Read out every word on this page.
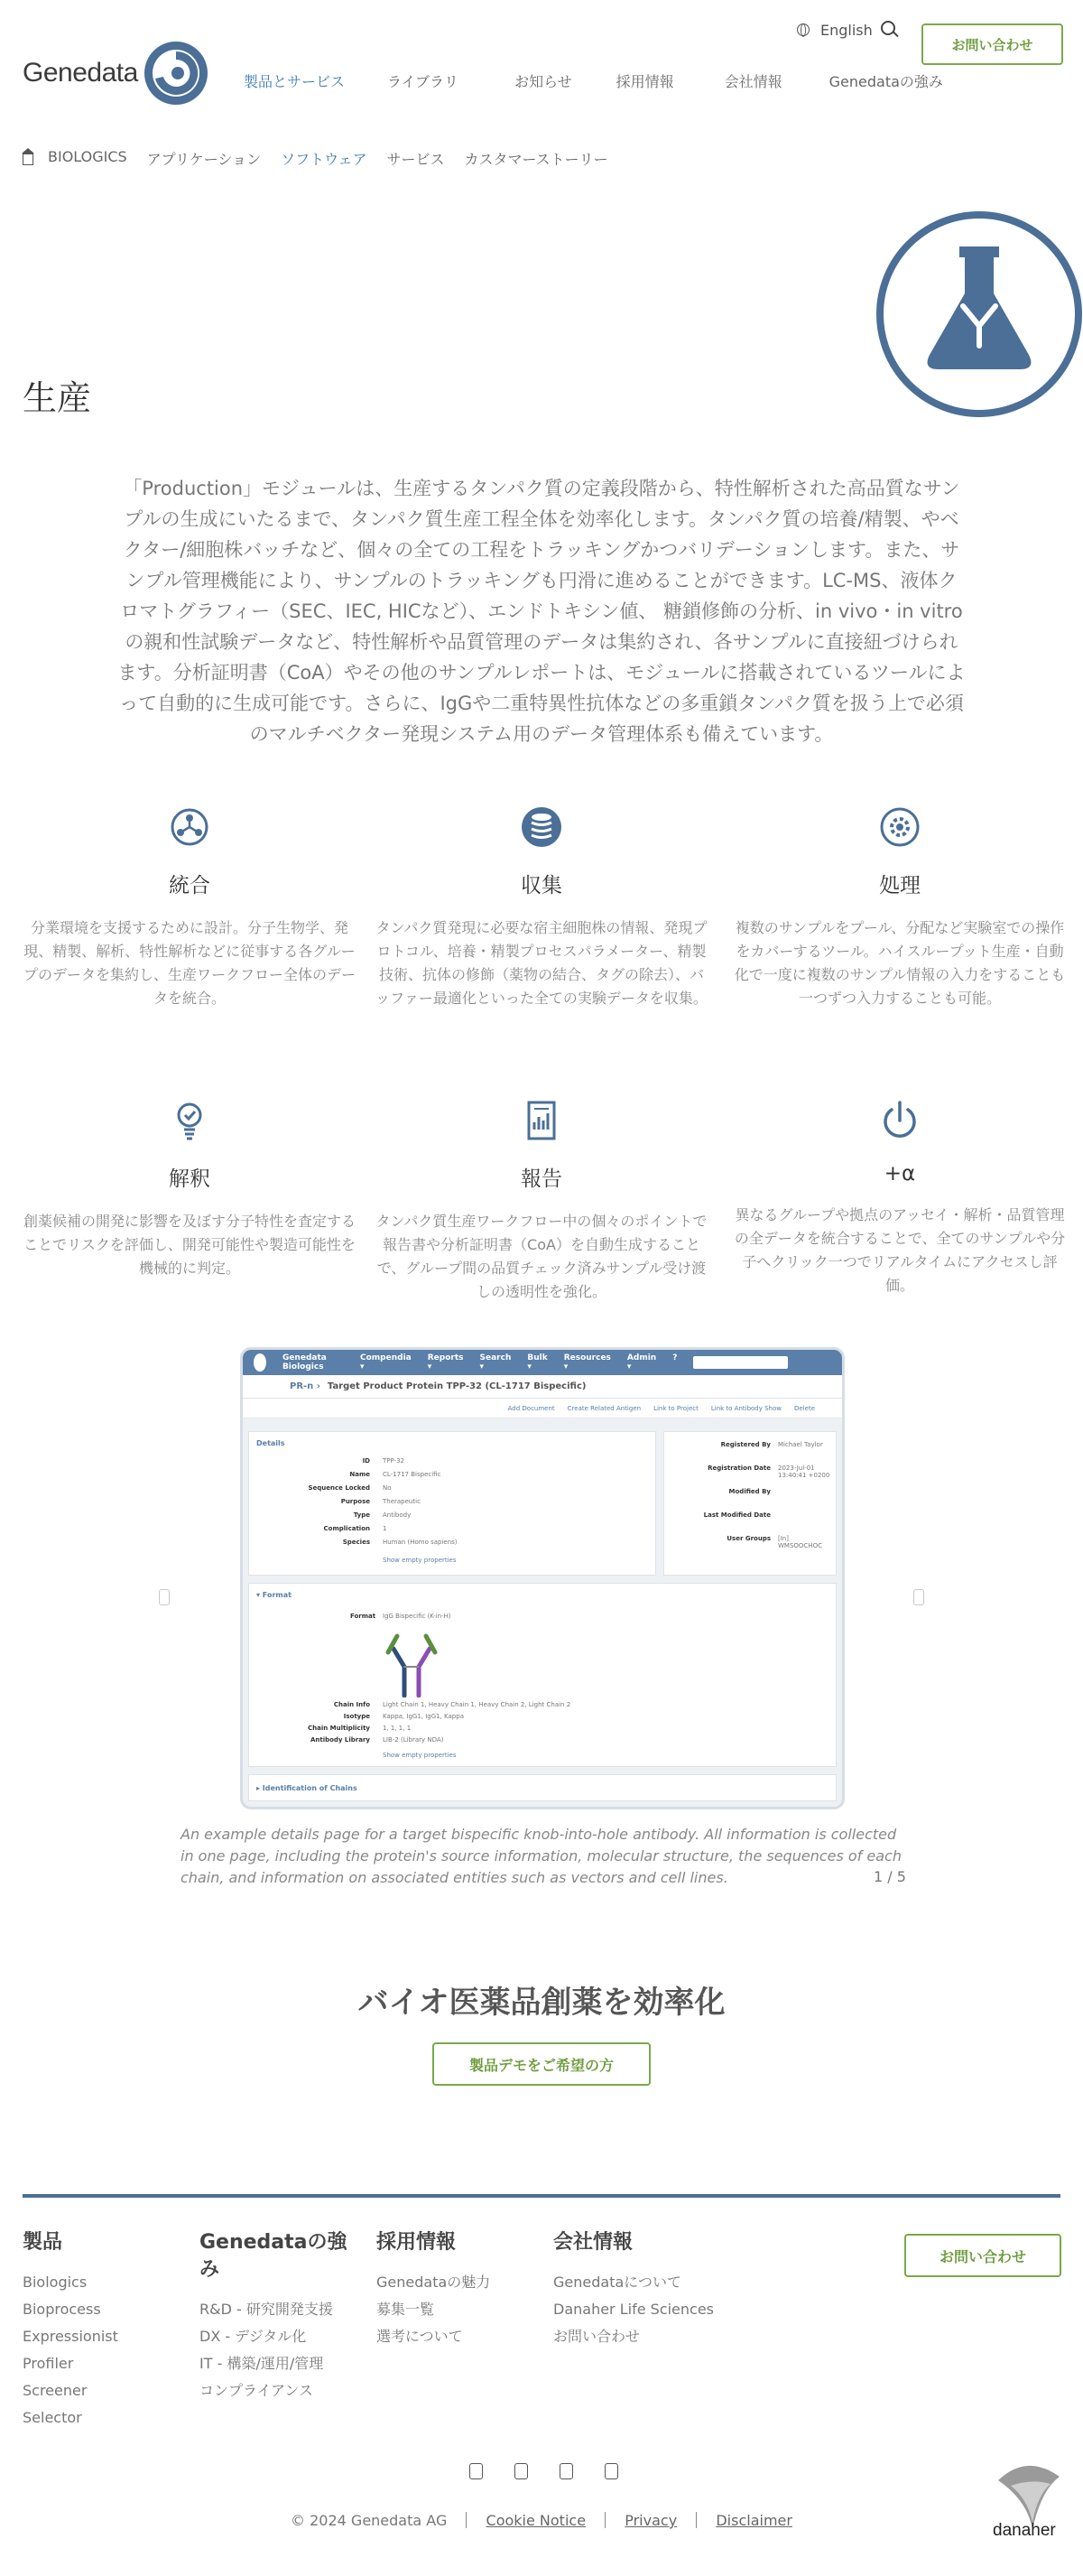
English
お問い合わせ
Genedata	製品とサービス	ライブラリ	お知らせ	採用情報	会社情報	Genedataの強み
BIOLOGICS アプリケーション ソフトウェア サービス カスタマーストーリー
生産

「Production」モジュールは、生産するタンパク質の定義段階から、特性解析された高品質なサンプルの生成にいたるまで、タンパク質生産工程全体を効率化します。タンパク質の培養/精製、やベクター/細胞株バッチなど、個々の全ての工程をトラッキングかつバリデーションします。また、サンプル管理機能により、サンプルのトラッキングも円滑に進めることができます。LC-MS、液体クロマトグラフィー（SEC、IEC, HICなど）、エンドトキシン値、 糖鎖修飾の分析、in vivo・in vitroの親和性試験データなど、特性解析や品質管理のデータは集約され、各サンプルに直接紐づけられます。分析証明書（CoA）やその他のサンプルレポートは、モジュールに搭載されているツールによって自動的に生成可能です。さらに、IgGや二重特異性抗体などの多重鎖タンパク質を扱う上で必須のマルチベクター発現システム用のデータ管理体系も備えています。

統合

分業環境を支援するために設計。分子生物学、発現、精製、解析、特性解析などに従事する各グループのデータを集約し、生産ワークフロー全体のデータを統合。

収集

タンパク質発現に必要な宿主細胞株の情報、発現プロトコル、培養・精製プロセスパラメーター、精製技術、抗体の修飾（薬物の結合、タグの除去）、バッファー最適化といった全ての実験データを収集。

処理

複数のサンプルをプール、分配など実験室での操作をカバーするツール。ハイスループット生産・自動化で一度に複数のサンプル情報の入力をすることも一つずつ入力することも可能。

解釈

創薬候補の開発に影響を及ぼす分子特性を査定することでリスクを評価し、開発可能性や製造可能性を機械的に判定。

報告

タンパク質生産ワークフロー中の個々のポイントで報告書や分析証明書（CoA）を自動生成することで、グループ間の品質チェック済みサンプル受け渡しの透明性を強化。

+α

異なるグループや拠点のアッセイ・解析・品質管理の全データを統合することで、全てのサンプルや分子へクリック一つでリアルタイムにアクセスし評価。

Genedata Biologics
Compendia ▾
Reports ▾
Search ▾
Bulk ▾
Resources ▾
Admin ▾
?
PR-n › Target Product Protein TPP-32 (CL-1717 Bispecific)
Add Document Create Related Antigen Link to Project Link to Antibody Show Delete
Details
ID TPP-32
Name CL-1717 Bispecific
Sequence Locked No
Purpose Therapeutic
Type Antibody
Complication 1
Species Human (Homo sapiens)
Show empty properties
Registered By Michael Taylor
Registration Date 2023-Jul-01 13:40:41 +0200
Modified By
Last Modified Date
User Groups [In] WMSOOCHOC
▾ Format
Format IgG Bispecific (K-in-H)
Chain Info Light Chain 1, Heavy Chain 1, Heavy Chain 2, Light Chain 2
Isotype Kappa, IgG1, IgG1, Kappa
Chain Multiplicity 1, 1, 1, 1
Antibody Library LIB-2 (Library NDA)
Show empty properties
▸ Identification of Chains

An example details page for a target bispecific knob-into-hole antibody. All information is collected in one page, including the protein's source information, molecular structure, the sequences of each chain, and information on associated entities such as vectors and cell lines.	1 / 5
バイオ医薬品創薬を効率化
製品デモをご希望の方
製品
Biologics
Bioprocess
Expressionist
Profiler
Screener
Selector
Genedataの強み
R&D - 研究開発支援
DX - デジタル化
IT - 構築/運用/管理
コンプライアンス
採用情報
Genedataの魅力
募集一覧
選考について
会社情報
Genedataについて
Danaher Life Sciences
お問い合わせ
お問い合わせ
© 2024 Genedata AG	Cookie Notice	Privacy	Disclaimer
danaher
